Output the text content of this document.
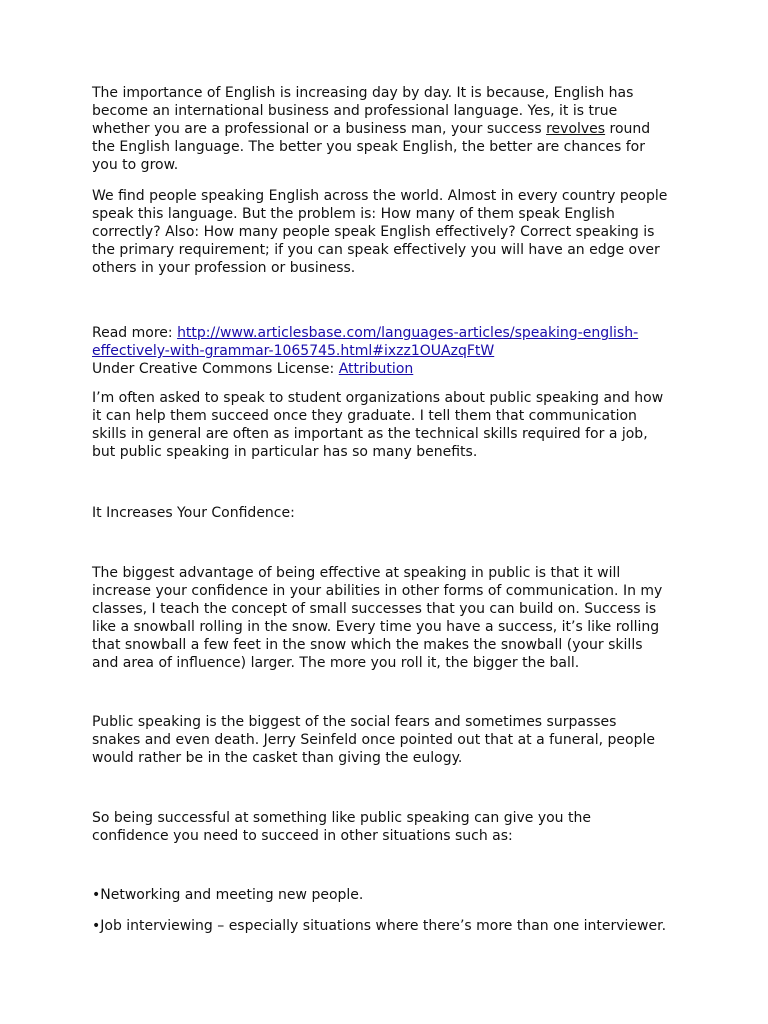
The importance of English is increasing day by day. It is because, English has
become an international business and professional language. Yes, it is true
whether you are a professional or a business man, your success revolves round
the English language. The better you speak English, the better are chances for
you to grow.

We find people speaking English across the world. Almost in every country people
speak this language. But the problem is: How many of them speak English
correctly? Also: How many people speak English effectively? Correct speaking is
the primary requirement; if you can speak effectively you will have an edge over
others in your profession or business.

Read more: http://www.articlesbase.com/languages-articles/speaking-english-
effectively-with-grammar-1065745.html#ixzz1OUAzqFtW
Under Creative Commons License: Attribution

I’m often asked to speak to student organizations about public speaking and how
it can help them succeed once they graduate. I tell them that communication
skills in general are often as important as the technical skills required for a job,
but public speaking in particular has so many benefits.

It Increases Your Confidence:

The biggest advantage of being effective at speaking in public is that it will
increase your confidence in your abilities in other forms of communication. In my
classes, I teach the concept of small successes that you can build on. Success is
like a snowball rolling in the snow. Every time you have a success, it’s like rolling
that snowball a few feet in the snow which the makes the snowball (your skills
and area of influence) larger. The more you roll it, the bigger the ball.

Public speaking is the biggest of the social fears and sometimes surpasses
snakes and even death. Jerry Seinfeld once pointed out that at a funeral, people
would rather be in the casket than giving the eulogy.

So being successful at something like public speaking can give you the
confidence you need to succeed in other situations such as:

•Networking and meeting new people.

•Job interviewing – especially situations where there’s more than one interviewer.
